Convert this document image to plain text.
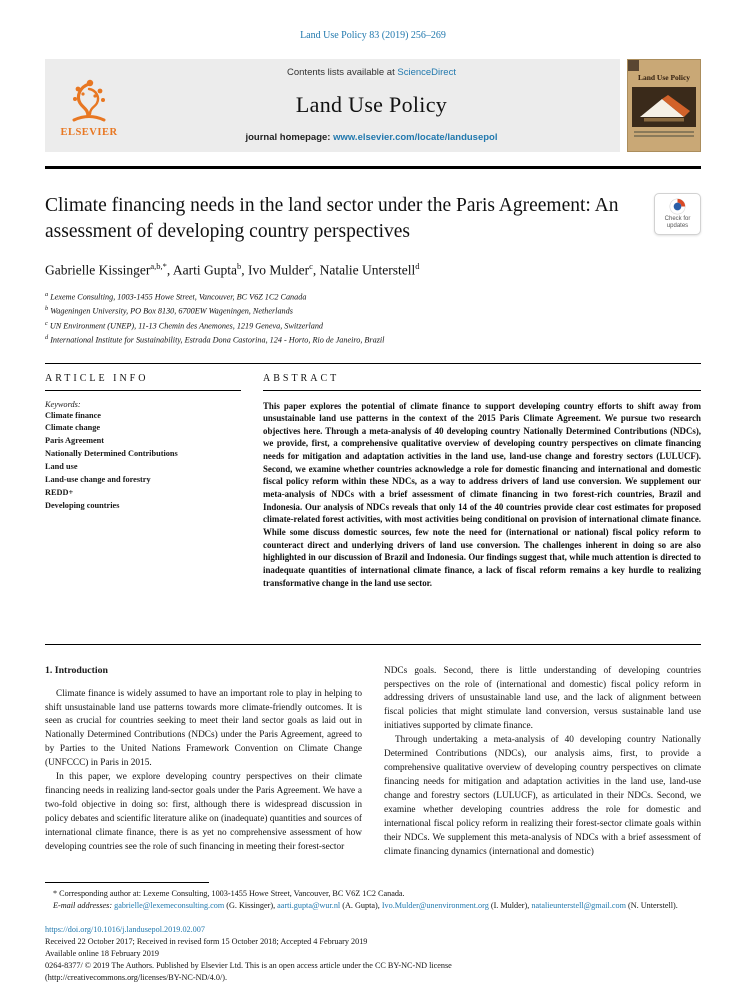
Land Use Policy 83 (2019) 256–269
ELSEVIER
Contents lists available at ScienceDirect
Land Use Policy
journal homepage: www.elsevier.com/locate/landusepol
Land Use Policy
Climate financing needs in the land sector under the Paris Agreement: An assessment of developing country perspectives
Check for updates
Gabrielle Kissinger$^{a,b,*}$, Aarti Gupta$^b$, Ivo Mulder$^c$, Natalie Unterstell$^d$
$^a$ Lexeme Consulting, 1003-1455 Howe Street, Vancouver, BC V6Z 1C2 Canada
$^b$ Wageningen University, PO Box 8130, 6700EW Wageningen, Netherlands
$^c$ UN Environment (UNEP), 11-13 Chemin des Anemones, 1219 Geneva, Switzerland
$^d$ International Institute for Sustainability, Estrada Dona Castorina, 124 - Horto, Rio de Janeiro, Brazil
ARTICLE INFO
Keywords:
Climate finance
Climate change
Paris Agreement
Nationally Determined Contributions
Land use
Land-use change and forestry
REDD+
Developing countries
ABSTRACT

This paper explores the potential of climate finance to support developing country efforts to shift away from unsustainable land use patterns in the context of the 2015 Paris Climate Agreement. We pursue two research objectives here. Through a meta-analysis of 40 developing country Nationally Determined Contributions (NDCs), we provide, first, a comprehensive qualitative overview of developing country perspectives on climate financing needs for mitigation and adaptation activities in the land use, land-use change and forestry sectors (LULUCF). Second, we examine whether countries acknowledge a role for domestic financing and international and domestic fiscal policy reform within these NDCs, as a way to address drivers of land use conversion. We supplement our meta-analysis of NDCs with a brief assessment of climate financing in two forest-rich countries, Brazil and Indonesia. Our analysis of NDCs reveals that only 14 of the 40 countries provide clear cost estimates for proposed climate-related forest activities, with most activities being conditional on provision of international climate finance. While some discuss domestic sources, few note the need for (international or national) fiscal policy reform to counteract direct and underlying drivers of land use conversion. The challenges inherent in doing so are also highlighted in our discussion of Brazil and Indonesia. Our findings suggest that, while much attention is directed to inadequate quantities of international climate finance, a lack of fiscal reform remains a key hurdle to realizing transformative change in the land use sector.

1. Introduction

Climate finance is widely assumed to have an important role to play in helping to shift unsustainable land use patterns towards more climate-friendly outcomes. It is seen as crucial for countries seeking to meet their land sector goals as laid out in Nationally Determined Contributions (NDCs) under the Paris Agreement, agreed to by Parties to the United Nations Framework Convention on Climate Change (UNFCCC) in Paris in 2015.

In this paper, we explore developing country perspectives on their climate financing needs in realizing land-sector goals under the Paris Agreement. We have a two-fold objective in doing so: first, although there is widespread discussion in policy debates and scientific literature alike on (inadequate) quantities and sources of international climate finance, there is as yet no comprehensive assessment of how developing countries see the role of such financing in meeting their forest-sector

NDCs goals. Second, there is little understanding of developing countries perspectives on the role of (international and domestic) fiscal policy reform in addressing drivers of unsustainable land use, and the lack of alignment between fiscal policies that might stimulate land conversion, versus sustainable land use initiatives supported by climate finance.

Through undertaking a meta-analysis of 40 developing country Nationally Determined Contributions (NDCs), our analysis aims, first, to provide a comprehensive qualitative overview of developing country perspectives on climate financing needs for mitigation and adaptation activities in the land use, land-use change and forestry sectors (LULUCF), as articulated in their NDCs. Second, we examine whether developing countries address the role for domestic and international fiscal policy reform in realizing their forest-sector climate goals within their NDCs. We supplement this meta-analysis of NDCs with a brief assessment of climate financing dynamics (international and domestic)

* Corresponding author at: Lexeme Consulting, 1003-1455 Howe Street, Vancouver, BC V6Z 1C2 Canada.

E-mail addresses: gabrielle@lexemeconsulting.com (G. Kissinger), aarti.gupta@wur.nl (A. Gupta), Ivo.Mulder@unenvironment.org (I. Mulder), natalieunterstell@gmail.com (N. Unterstell).

https://doi.org/10.1016/j.landusepol.2019.02.007

Received 22 October 2017; Received in revised form 15 October 2018; Accepted 4 February 2019

Available online 18 February 2019

0264-8377/ © 2019 The Authors. Published by Elsevier Ltd. This is an open access article under the CC BY-NC-ND license

(http://creativecommons.org/licenses/BY-NC-ND/4.0/).
